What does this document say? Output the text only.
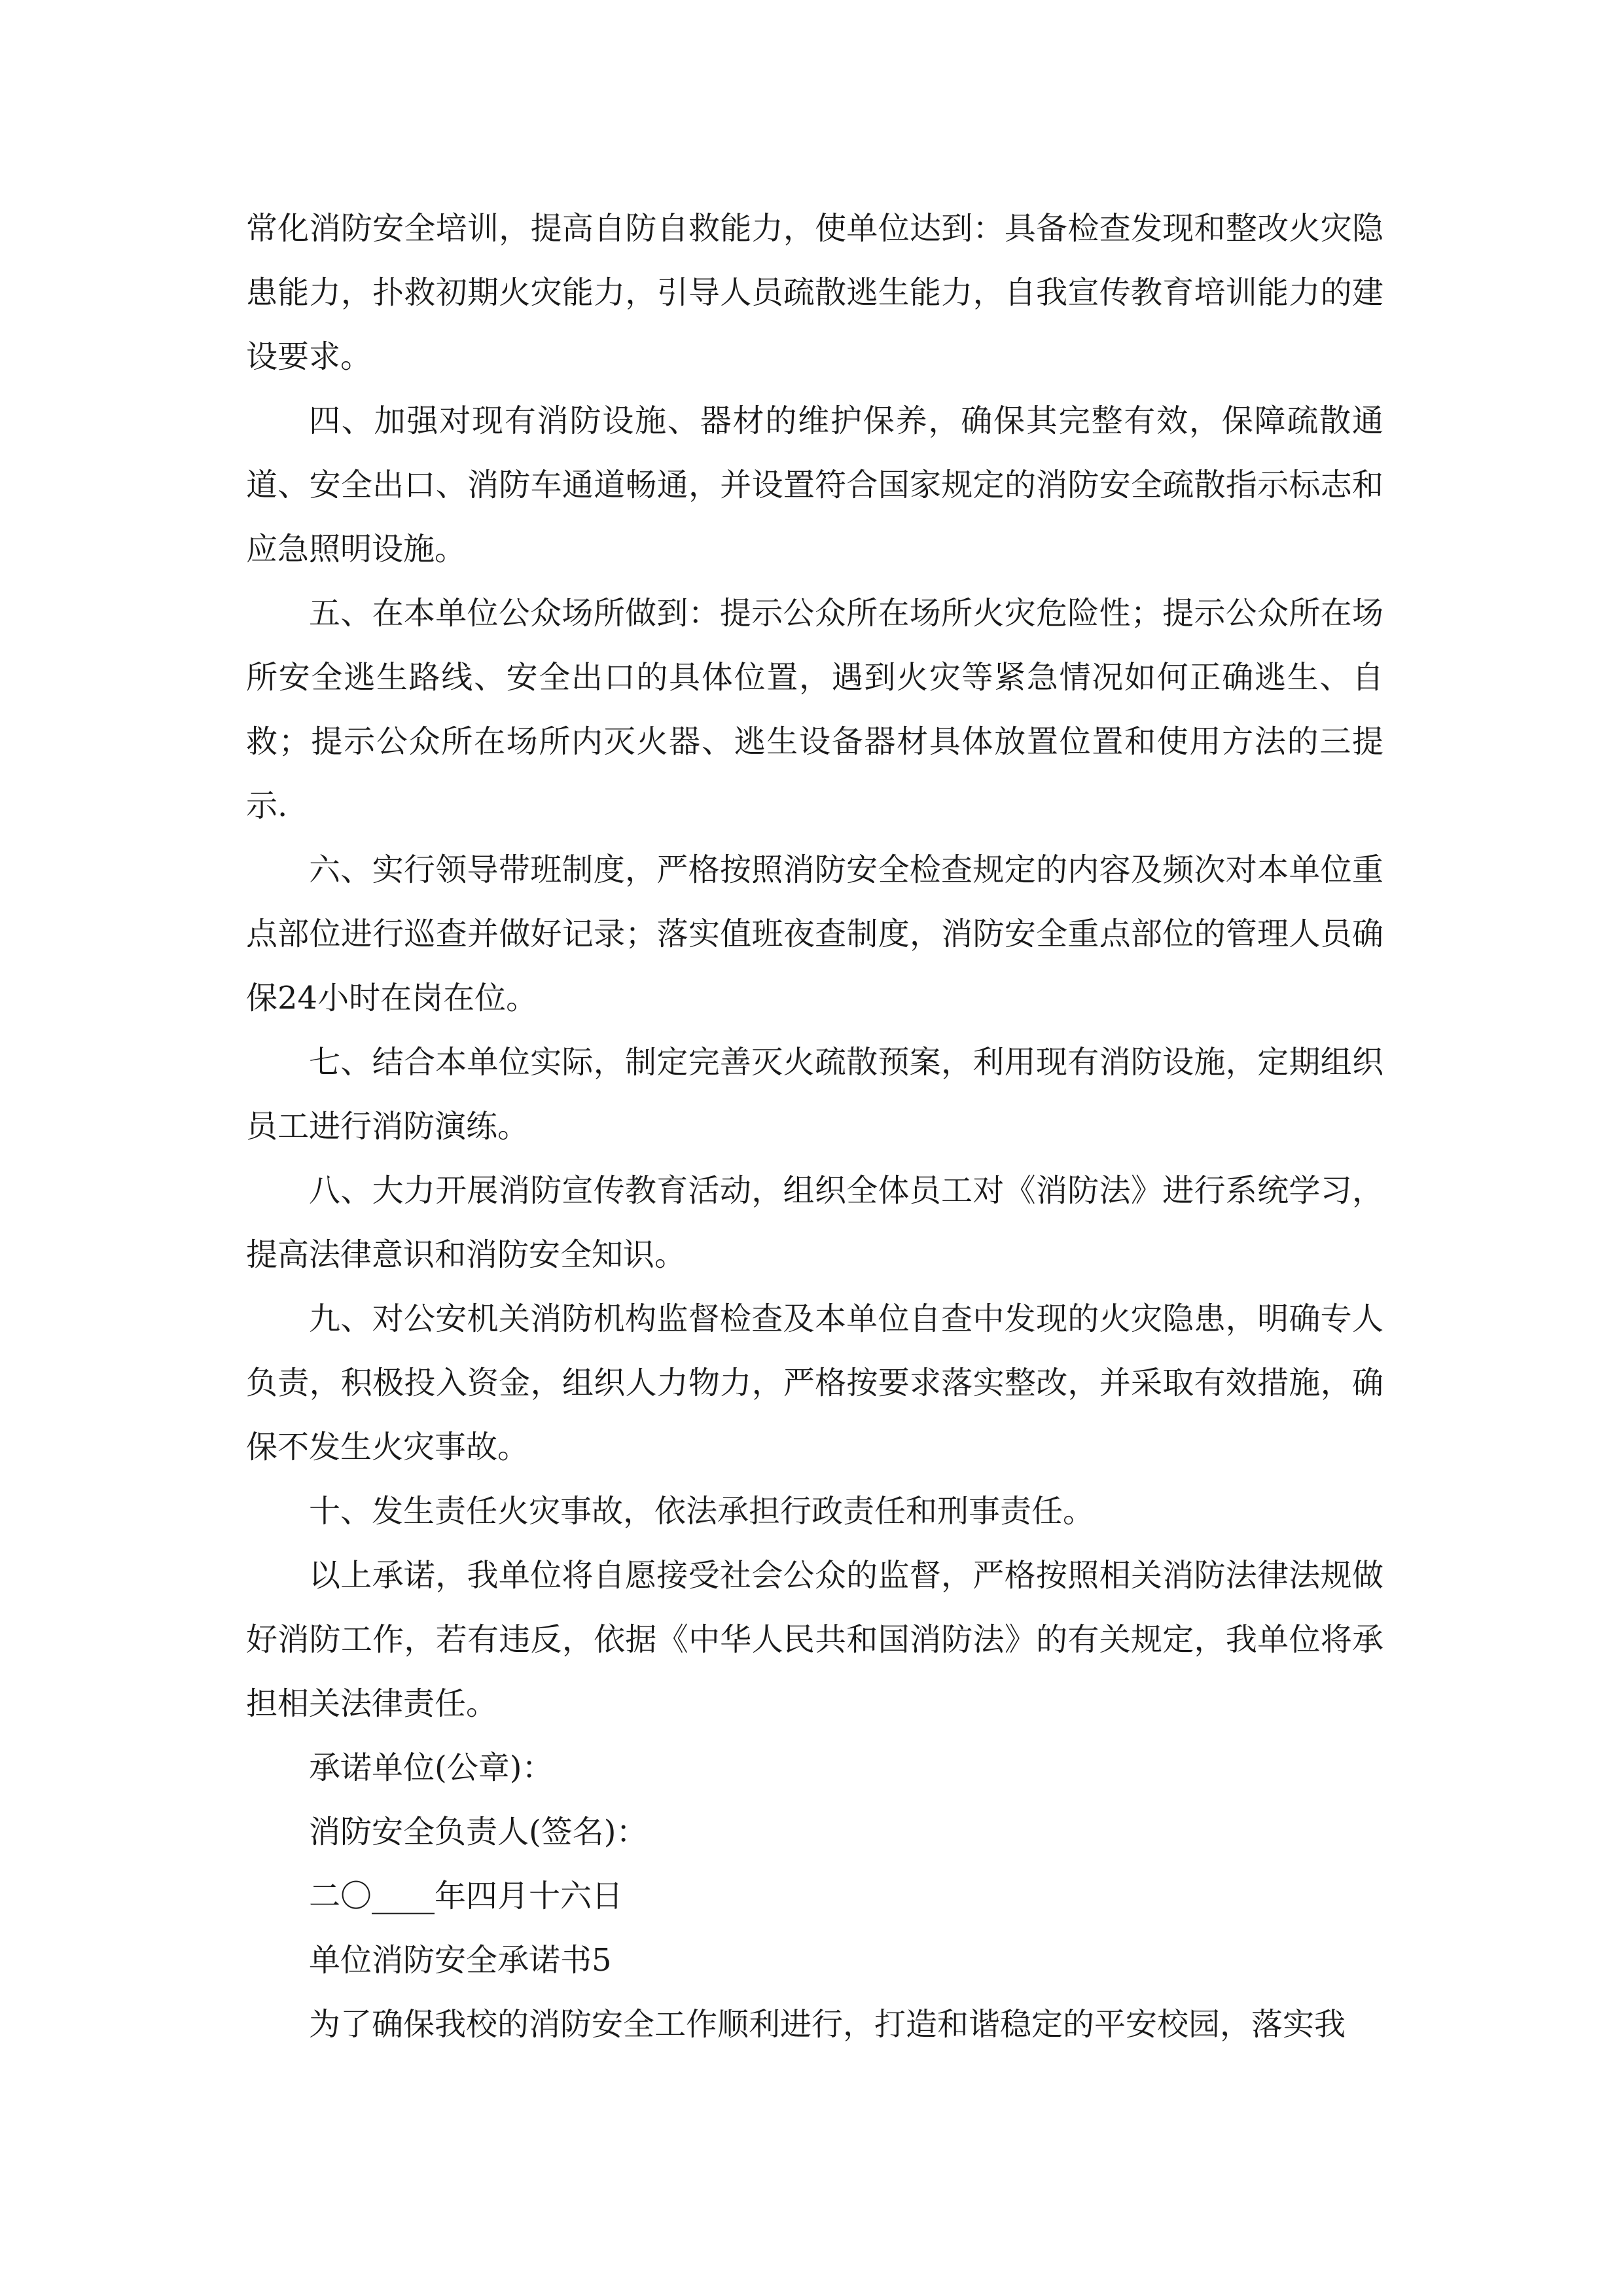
常化消防安全培训，提高自防自救能力，使单位达到：具备检查发现和整改火灾隐患能力，扑救初期火灾能力，引导人员疏散逃生能力，自我宣传教育培训能力的建设要求。

四、加强对现有消防设施、器材的维护保养，确保其完整有效，保障疏散通道、安全出口、消防车通道畅通，并设置符合国家规定的消防安全疏散指示标志和应急照明设施。

五、在本单位公众场所做到：提示公众所在场所火灾危险性；提示公众所在场所安全逃生路线、安全出口的具体位置，遇到火灾等紧急情况如何正确逃生、自救；提示公众所在场所内灭火器、逃生设备器材具体放置位置和使用方法的三提示.

六、实行领导带班制度，严格按照消防安全检查规定的内容及频次对本单位重点部位进行巡查并做好记录；落实值班夜查制度，消防安全重点部位的管理人员确保24小时在岗在位。

七、结合本单位实际，制定完善灭火疏散预案，利用现有消防设施，定期组织员工进行消防演练。

八、大力开展消防宣传教育活动，组织全体员工对《消防法》进行系统学习，提高法律意识和消防安全知识。

九、对公安机关消防机构监督检查及本单位自查中发现的火灾隐患，明确专人负责，积极投入资金，组织人力物力，严格按要求落实整改，并采取有效措施，确保不发生火灾事故。

十、发生责任火灾事故，依法承担行政责任和刑事责任。

以上承诺，我单位将自愿接受社会公众的监督，严格按照相关消防法律法规做好消防工作，若有违反，依据《中华人民共和国消防法》的有关规定，我单位将承担相关法律责任。

承诺单位(公章)：

消防安全负责人(签名)：

二〇____年四月十六日

单位消防安全承诺书5

为了确保我校的消防安全工作顺利进行，打造和谐稳定的平安校园，落实我
